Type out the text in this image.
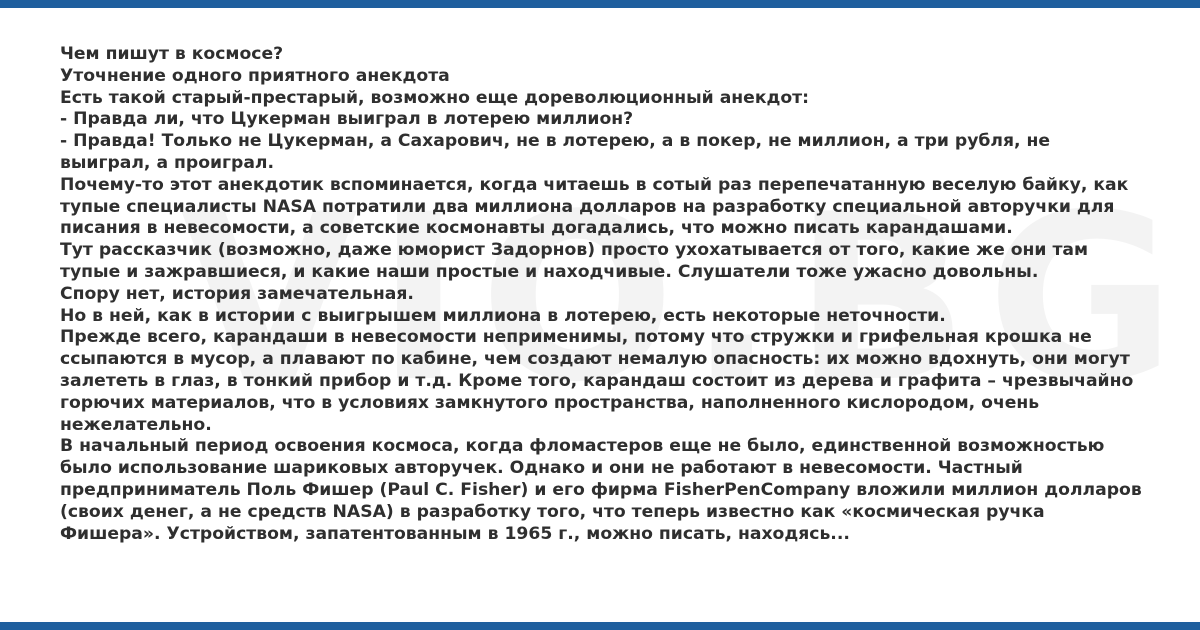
Чем пишут в космосе?

Уточнение одного приятного анекдота

Есть такой старый-престарый, возможно еще дореволюционный анекдот:

- Правда ли, что Цукерман выиграл в лотерею миллион?

- Правда! Только не Цукерман, а Сахарович, не в лотерею, а в покер, не миллион, а три рубля, не выиграл, а проиграл.

Почему-то этот анекдотик вспоминается, когда читаешь в сотый раз перепечатанную веселую байку, как тупые специалисты NASA потратили два миллиона долларов на разработку специальной авторучки для писания в невесомости, а советские космонавты догадались, что можно писать карандашами.

Тут рассказчик (возможно, даже юморист Задорнов) просто ухохатывается от того, какие же они там тупые и зажравшиеся, и какие наши простые и находчивые. Слушатели тоже ужасно довольны.

Спору нет, история замечательная.

Но в ней, как в истории с выигрышем миллиона в лотерею, есть некоторые неточности.

Прежде всего, карандаши в невесомости неприменимы, потому что стружки и грифельная крошка не ссыпаются в мусор, а плавают по кабине, чем создают немалую опасность: их можно вдохнуть, они могут залететь в глаз, в тонкий прибор и т.д. Кроме того, карандаш состоит из дерева и графита – чрезвычайно горючих материалов, что в условиях замкнутого пространства, наполненного кислородом, очень нежелательно.

В начальный период освоения космоса, когда фломастеров еще не было, единственной возможностью было использование шариковых авторучек. Однако и они не работают в невесомости. Частный предприниматель Поль Фишер (Paul C. Fisher) и его фирма FisherPenCompany вложили миллион долларов (своих денег, а не средств NASA) в разработку того, что теперь известно как «космическая ручка Фишера». Устройством, запатентованным в 1965 г., можно писать, находясь...
